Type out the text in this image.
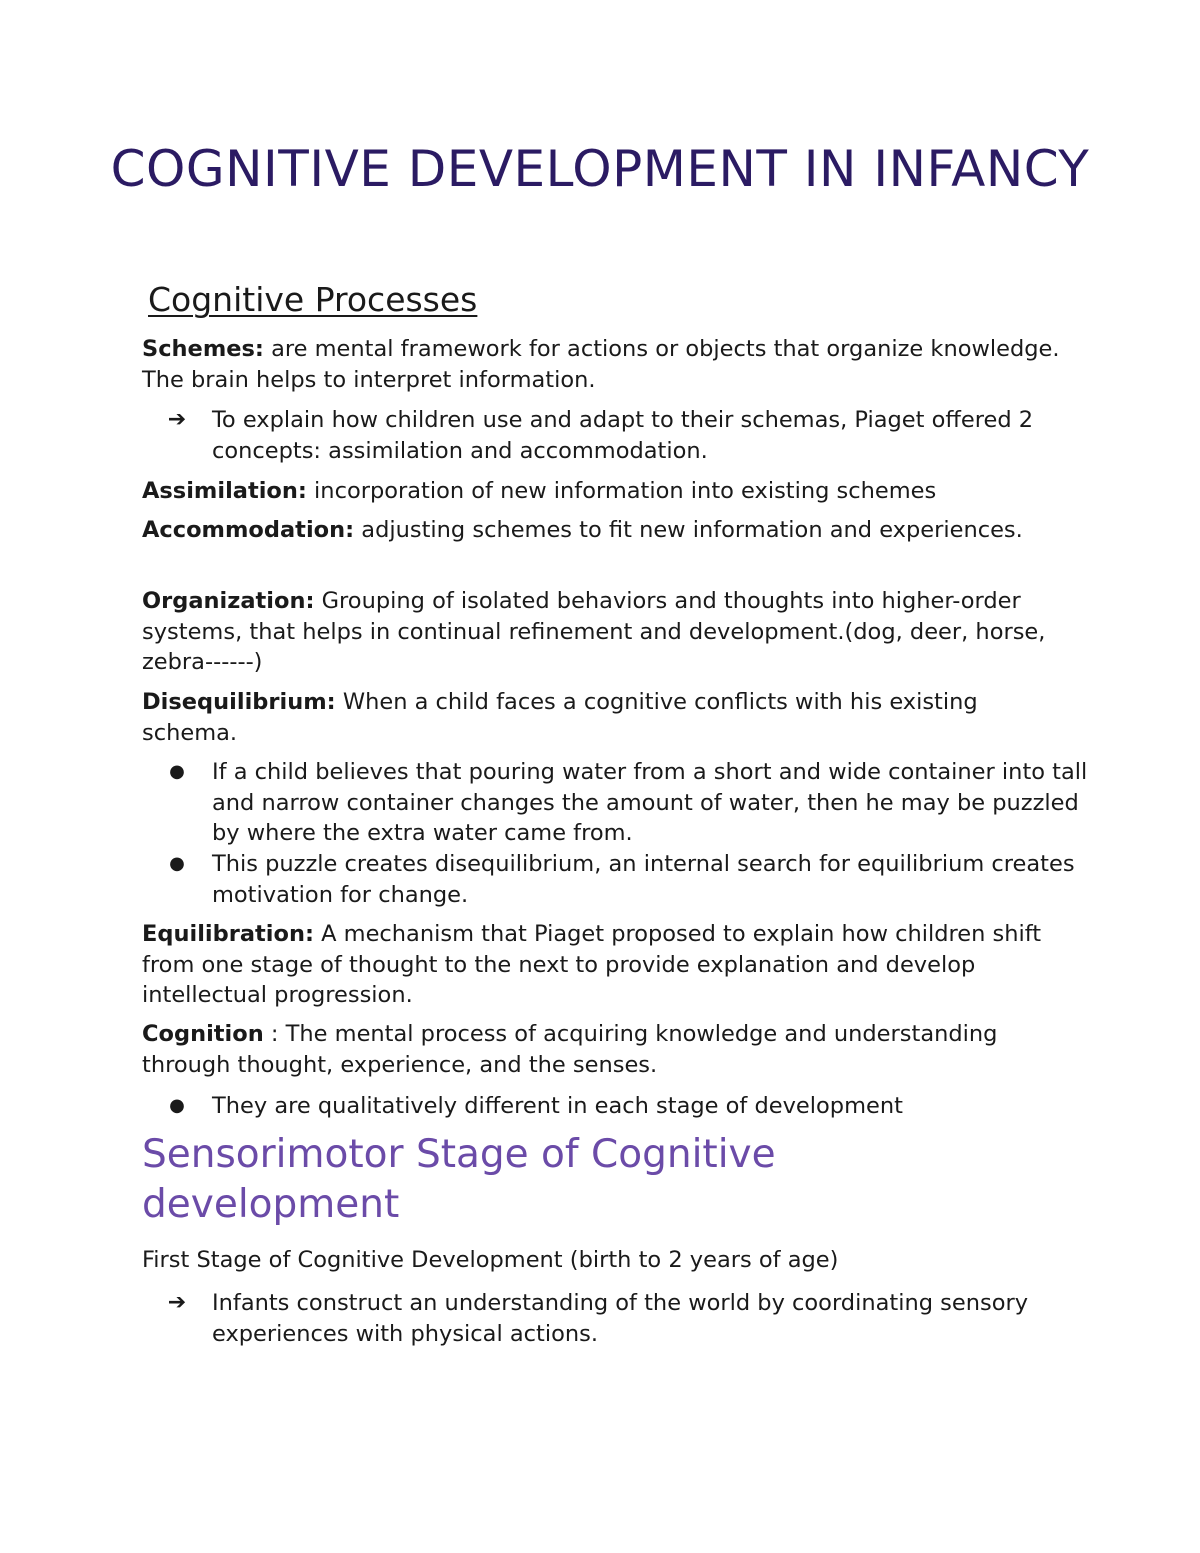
COGNITIVE DEVELOPMENT IN INFANCY
Cognitive Processes
Schemes: are mental framework for actions or objects that organize knowledge. The brain helps to interpret information.
➔ To explain how children use and adapt to their schemas, Piaget offered 2 concepts: assimilation and accommodation.
Assimilation: incorporation of new information into existing schemes
Accommodation: adjusting schemes to fit new information and experiences.
Organization: Grouping of isolated behaviors and thoughts into higher-order systems, that helps in continual refinement and development.(dog, deer, horse, zebra------)
Disequilibrium: When a child faces a cognitive conflicts with his existing schema.
●	If a child believes that pouring water from a short and wide container into tall and narrow container changes the amount of water, then he may be puzzled by where the extra water came from.
●	This puzzle creates disequilibrium, an internal search for equilibrium creates motivation for change.
Equilibration: A mechanism that Piaget proposed to explain how children shift from one stage of thought to the next to provide explanation and develop intellectual progression.
Cognition : The mental process of acquiring knowledge and understanding through thought, experience, and the senses.
●	They are qualitatively different in each stage of development
Sensorimotor Stage of Cognitive development
First Stage of Cognitive Development (birth to 2 years of age)
➔ Infants construct an understanding of the world by coordinating sensory experiences with physical actions.
